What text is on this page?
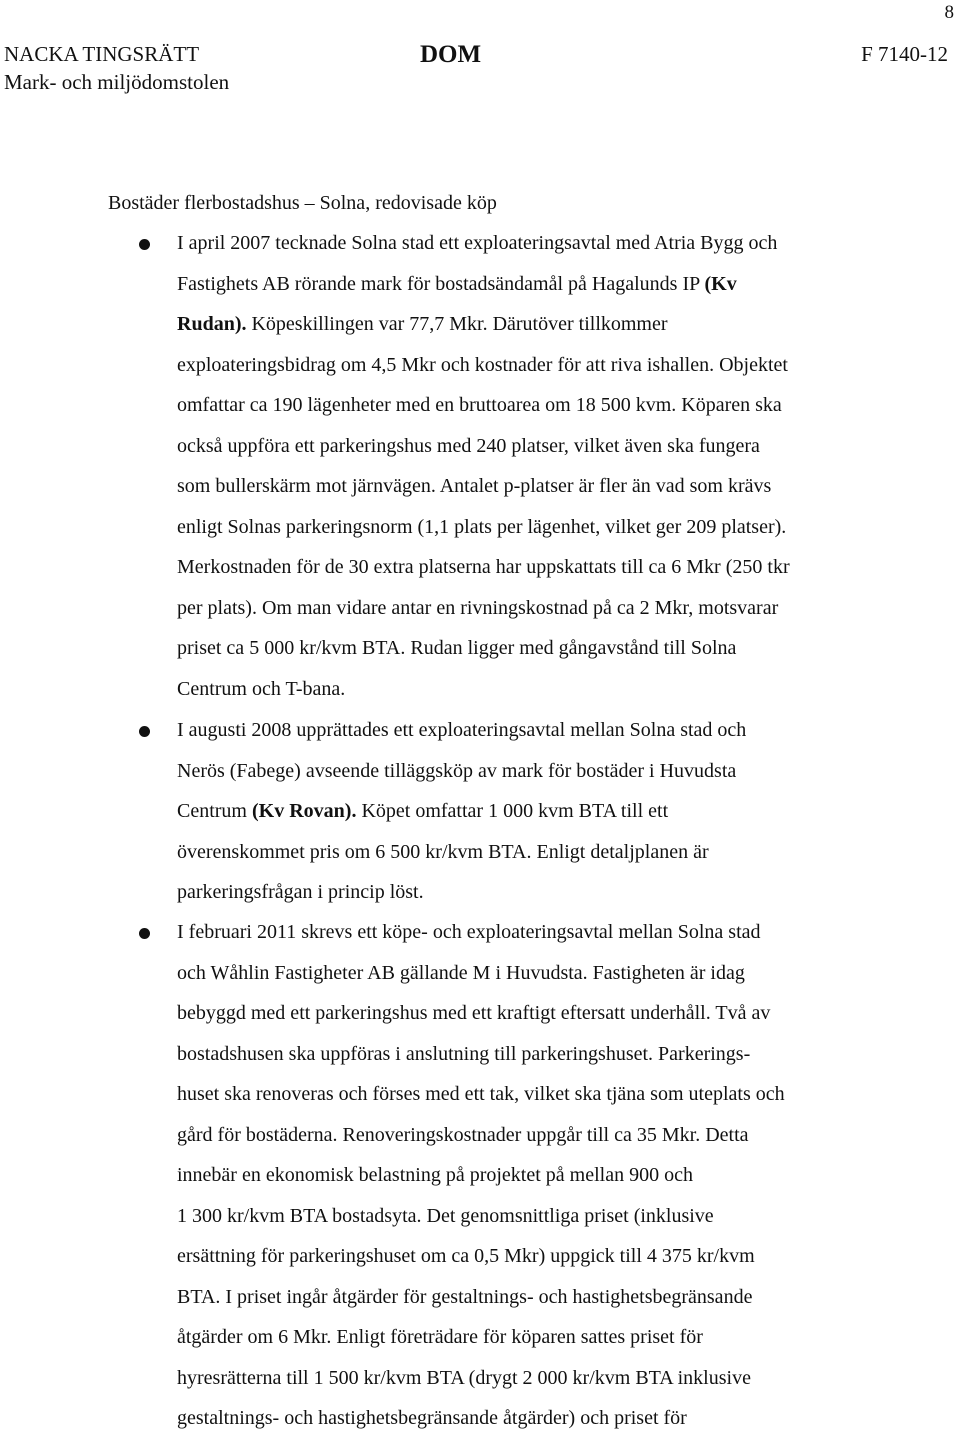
8
NACKA TINGSRÄTT
Mark- och miljödomstolen
DOM	F 7140-12
Bostäder flerbostadshus – Solna, redovisade köp
I april 2007 tecknade Solna stad ett exploateringsavtal med Atria Bygg och
Fastighets AB rörande mark för bostadsändamål på Hagalunds IP (Kv
Rudan). Köpeskillingen var 77,7 Mkr. Därutöver tillkommer
exploateringsbidrag om 4,5 Mkr och kostnader för att riva ishallen. Objektet
omfattar ca 190 lägenheter med en bruttoarea om 18 500 kvm. Köparen ska
också uppföra ett parkeringshus med 240 platser, vilket även ska fungera
som bullerskärm mot järnvägen. Antalet p-platser är fler än vad som krävs
enligt Solnas parkeringsnorm (1,1 plats per lägenhet, vilket ger 209 platser).
Merkostnaden för de 30 extra platserna har uppskattats till ca 6 Mkr (250 tkr
per plats). Om man vidare antar en rivningskostnad på ca 2 Mkr, motsvarar
priset ca 5 000 kr/kvm BTA. Rudan ligger med gångavstånd till Solna
Centrum och T-bana.
I augusti 2008 upprättades ett exploateringsavtal mellan Solna stad och
Nerös (Fabege) avseende tilläggsköp av mark för bostäder i Huvudsta
Centrum (Kv Rovan). Köpet omfattar 1 000 kvm BTA till ett
överenskommet pris om 6 500 kr/kvm BTA. Enligt detaljplanen är
parkeringsfrågan i princip löst.
I februari 2011 skrevs ett köpe- och exploateringsavtal mellan Solna stad
och Wåhlin Fastigheter AB gällande M i Huvudsta. Fastigheten är idag
bebyggd med ett parkeringshus med ett kraftigt eftersatt underhåll. Två av
bostadshusen ska uppföras i anslutning till parkeringshuset. Parkerings-
huset ska renoveras och förses med ett tak, vilket ska tjäna som uteplats och
gård för bostäderna. Renoveringskostnader uppgår till ca 35 Mkr. Detta
innebär en ekonomisk belastning på projektet på mellan 900 och
1 300 kr/kvm BTA bostadsyta. Det genomsnittliga priset (inklusive
ersättning för parkeringshuset om ca 0,5 Mkr) uppgick till 4 375 kr/kvm
BTA. I priset ingår åtgärder för gestaltnings- och hastighetsbegränsande
åtgärder om 6 Mkr. Enligt företrädare för köparen sattes priset för
hyresrätterna till 1 500 kr/kvm BTA (drygt 2 000 kr/kvm BTA inklusive
gestaltnings- och hastighetsbegränsande åtgärder) och priset för
